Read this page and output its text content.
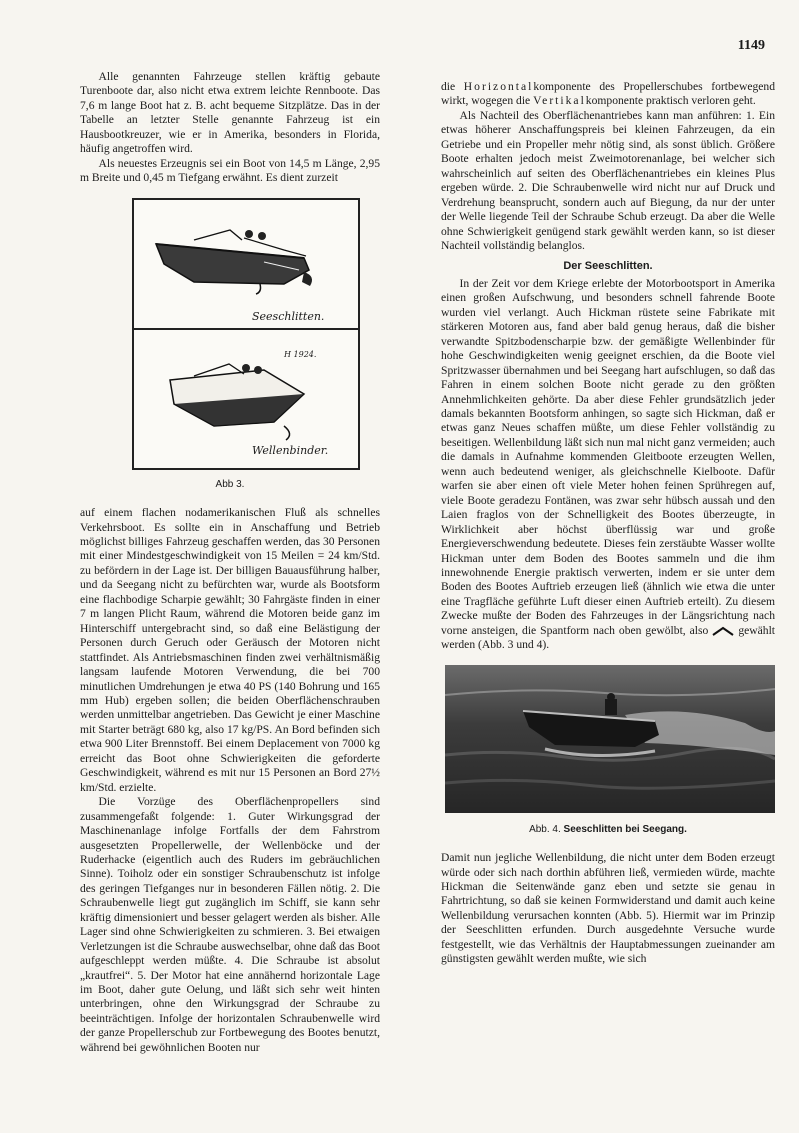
1149

Alle genannten Fahrzeuge stellen kräftig gebaute Turenboote dar, also nicht etwa extrem leichte Rennboote. Das 7,6 m lange Boot hat z. B. acht bequeme Sitzplätze. Das in der Tabelle an letzter Stelle genannte Fahrzeug ist ein Hausbootkreuzer, wie er in Amerika, besonders in Florida, häufig angetroffen wird.

Als neuestes Erzeugnis sei ein Boot von 14,5 m Länge, 2,95 m Breite und 0,45 m Tiefgang erwähnt. Es dient zurzeit

Seeschlitten.
H 1924.
Wellenbinder.
Abb 3.

auf einem flachen nodamerikanischen Fluß als schnelles Verkehrsboot. Es sollte ein in Anschaffung und Betrieb möglichst billiges Fahrzeug geschaffen werden, das 30 Personen mit einer Mindestgeschwindigkeit von 15 Meilen = 24 km/Std. zu befördern in der Lage ist. Der billigen Bauausführung halber, und da Seegang nicht zu befürchten war, wurde als Bootsform eine flachbodige Scharpie gewählt; 30 Fahrgäste finden in einer 7 m langen Plicht Raum, während die Motoren beide ganz im Hinterschiff untergebracht sind, so daß eine Belästigung der Personen durch Geruch oder Geräusch der Motoren nicht stattfindet. Als Antriebsmaschinen finden zwei verhältnismäßig langsam laufende Motoren Verwendung, die bei 700 minutlichen Umdrehungen je etwa 40 PS (140 Bohrung und 165 mm Hub) ergeben sollen; die beiden Oberflächenschrauben werden unmittelbar angetrieben. Das Gewicht je einer Maschine mit Starter beträgt 680 kg, also 17 kg/PS. An Bord befinden sich etwa 900 Liter Brennstoff. Bei einem Deplacement von 7000 kg erreicht das Boot ohne Schwierigkeiten die geforderte Geschwindigkeit, während es mit nur 15 Personen an Bord 27½ km/Std. erzielte.

Die Vorzüge des Oberflächenpropellers sind zusammengefaßt folgende: 1. Guter Wirkungsgrad der Maschinenanlage infolge Fortfalls der dem Fahrstrom ausgesetzten Propellerwelle, der Wellenböcke und der Ruderhacke (eigentlich auch des Ruders im gebräuchlichen Sinne). Toiholz oder ein sonstiger Schraubenschutz ist infolge des geringen Tiefganges nur in besonderen Fällen nötig. 2. Die Schraubenwelle liegt gut zugänglich im Schiff, sie kann sehr kräftig dimensioniert und besser gelagert werden als bisher. Alle Lager sind ohne Schwierigkeiten zu schmieren. 3. Bei etwaigen Verletzungen ist die Schraube auswechselbar, ohne daß das Boot aufgeschleppt werden müßte. 4. Die Schraube ist absolut „krautfrei“. 5. Der Motor hat eine annähernd horizontale Lage im Boot, daher gute Oelung, und läßt sich sehr weit hinten unterbringen, ohne den Wirkungsgrad der Schraube zu beeinträchtigen. Infolge der horizontalen Schraubenwelle wird der ganze Propellerschub zur Fortbewegung des Bootes benutzt, während bei gewöhnlichen Booten nur

die Horizontalkomponente des Propellerschubes fortbewegend wirkt, wogegen die Vertikalkomponente praktisch verloren geht.

Als Nachteil des Oberflächenantriebes kann man anführen: 1. Ein etwas höherer Anschaffungspreis bei kleinen Fahrzeugen, da ein Getriebe und ein Propeller mehr nötig sind, als sonst üblich. Größere Boote erhalten jedoch meist Zweimotorenanlage, bei welcher sich wahrscheinlich auf seiten des Oberflächenantriebes ein kleines Plus ergeben würde. 2. Die Schraubenwelle wird nicht nur auf Druck und Verdrehung beansprucht, sondern auch auf Biegung, da nur der unter der Welle liegende Teil der Schraube Schub erzeugt. Da aber die Welle ohne Schwierigkeit genügend stark gewählt werden kann, so ist dieser Nachteil vollständig belanglos.

Der Seeschlitten.

In der Zeit vor dem Kriege erlebte der Motorbootsport in Amerika einen großen Aufschwung, und besonders schnell fahrende Boote wurden viel verlangt. Auch Hickman rüstete seine Fabrikate mit stärkeren Motoren aus, fand aber bald genug heraus, daß die bisher verwandte Spitzbodenscharpie bzw. der gemäßigte Wellenbinder für hohe Geschwindigkeiten wenig geeignet erschien, da die Boote viel Spritzwasser übernahmen und bei Seegang hart aufschlugen, so daß das Fahren in einem solchen Boote nicht gerade zu den größten Annehmlichkeiten gehörte. Da aber diese Fehler grundsätzlich jeder damals bekannten Bootsform anhingen, so sagte sich Hickman, daß er etwas ganz Neues schaffen müßte, um diese Fehler vollständig zu beseitigen. Wellenbildung läßt sich nun mal nicht ganz vermeiden; auch die damals in Aufnahme kommenden Gleitboote erzeugten Wellen, wenn auch bedeutend weniger, als gleichschnelle Kielboote. Dafür warfen sie aber einen oft viele Meter hohen feinen Sprühregen auf, viele Boote geradezu Fontänen, was zwar sehr hübsch aussah und den Laien fraglos von der Schnelligkeit des Bootes überzeugte, in Wirklichkeit aber höchst überflüssig war und große Energieverschwendung bedeutete. Dieses fein zerstäubte Wasser wollte Hickman unter dem Boden des Bootes sammeln und die ihm innewohnende Energie praktisch verwerten, indem er sie unter dem Boden des Bootes Auftrieb erzeugen ließ (ähnlich wie etwa die unter eine Tragfläche geführte Luft dieser einen Auftrieb erteilt). Zu diesem Zwecke mußte der Boden des Fahrzeuges in der Längsrichtung nach vorne ansteigen, die Spantform nach oben gewölbt, also	gewählt werden (Abb. 3 und 4).

Abb. 4. Seeschlitten bei Seegang.

Damit nun jegliche Wellenbildung, die nicht unter dem Boden erzeugt würde oder sich nach dorthin abführen ließ, vermieden würde, machte Hickman die Seitenwände ganz eben und setzte sie genau in Fahrtrichtung, so daß sie keinen Formwiderstand und damit auch keine Wellenbildung verursachen konnten (Abb. 5). Hiermit war im Prinzip der Seeschlitten erfunden. Durch ausgedehnte Versuche wurde festgestellt, wie das Verhältnis der Hauptabmessungen zueinander am günstigsten gewählt werden mußte, wie sich
